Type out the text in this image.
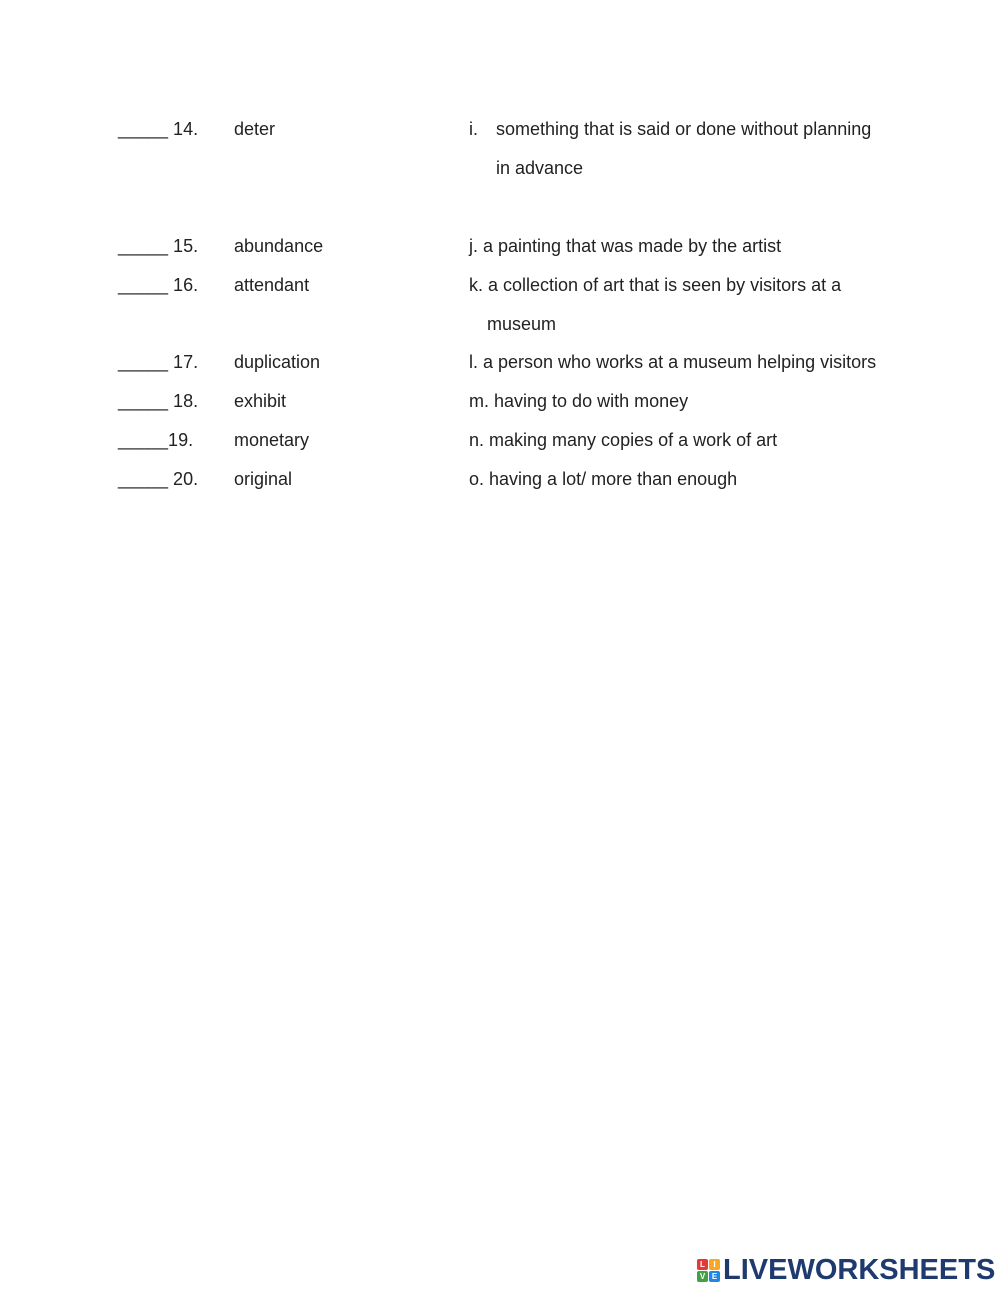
_____ 14. deter	i. something that is said or done without planning
in advance
_____ 15. abundance	j. a painting that was made by the artist
_____ 16. attendant	k. a collection of art that is seen by visitors at a
museum
_____ 17. duplication	l. a person who works at a museum helping visitors
_____ 18. exhibit	m. having to do with money
_____19. monetary	n. making many copies of a work of art
_____ 20. original	o. having a lot/ more than enough
L	I
V E LIVEWORKSHEETS
